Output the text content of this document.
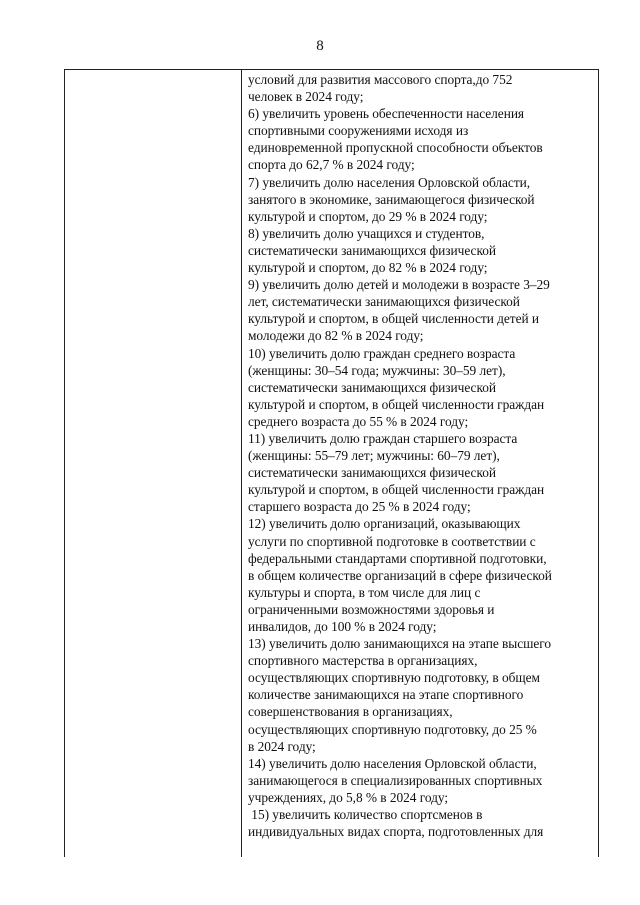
8
условий для развития массового спорта,до 752
человек в 2024 году;
6) увеличить уровень обеспеченности населения
спортивными сооружениями исходя из
единовременной пропускной способности объектов
спорта до 62,7 % в 2024 году;
7) увеличить долю населения Орловской области,
занятого в экономике, занимающегося физической
культурой и спортом, до 29 % в 2024 году;
8) увеличить долю учащихся и студентов,
систематически занимающихся физической
культурой и спортом, до 82 % в 2024 году;
9) увеличить долю детей и молодежи в возрасте 3–29
лет, систематически занимающихся физической
культурой и спортом, в общей численности детей и
молодежи до 82 % в 2024 году;
10) увеличить долю граждан среднего возраста
(женщины: 30–54 года; мужчины: 30–59 лет),
систематически занимающихся физической
культурой и спортом, в общей численности граждан
среднего возраста до 55 % в 2024 году;
11) увеличить долю граждан старшего возраста
(женщины: 55–79 лет; мужчины: 60–79 лет),
систематически занимающихся физической
культурой и спортом, в общей численности граждан
старшего возраста до 25 % в 2024 году;
12) увеличить долю организаций, оказывающих
услуги по спортивной подготовке в соответствии с
федеральными стандартами спортивной подготовки,
в общем количестве организаций в сфере физической
культуры и спорта, в том числе для лиц с
ограниченными возможностями здоровья и
инвалидов, до 100 % в 2024 году;
13) увеличить долю занимающихся на этапе высшего
спортивного мастерства в организациях,
осуществляющих спортивную подготовку, в общем
количестве занимающихся на этапе спортивного
совершенствования в организациях,
осуществляющих спортивную подготовку, до 25 %
в 2024 году;
14) увеличить долю населения Орловской области,
занимающегося в специализированных спортивных
учреждениях, до 5,8 % в 2024 году;
15) увеличить количество спортсменов в
индивидуальных видах спорта, подготовленных для
